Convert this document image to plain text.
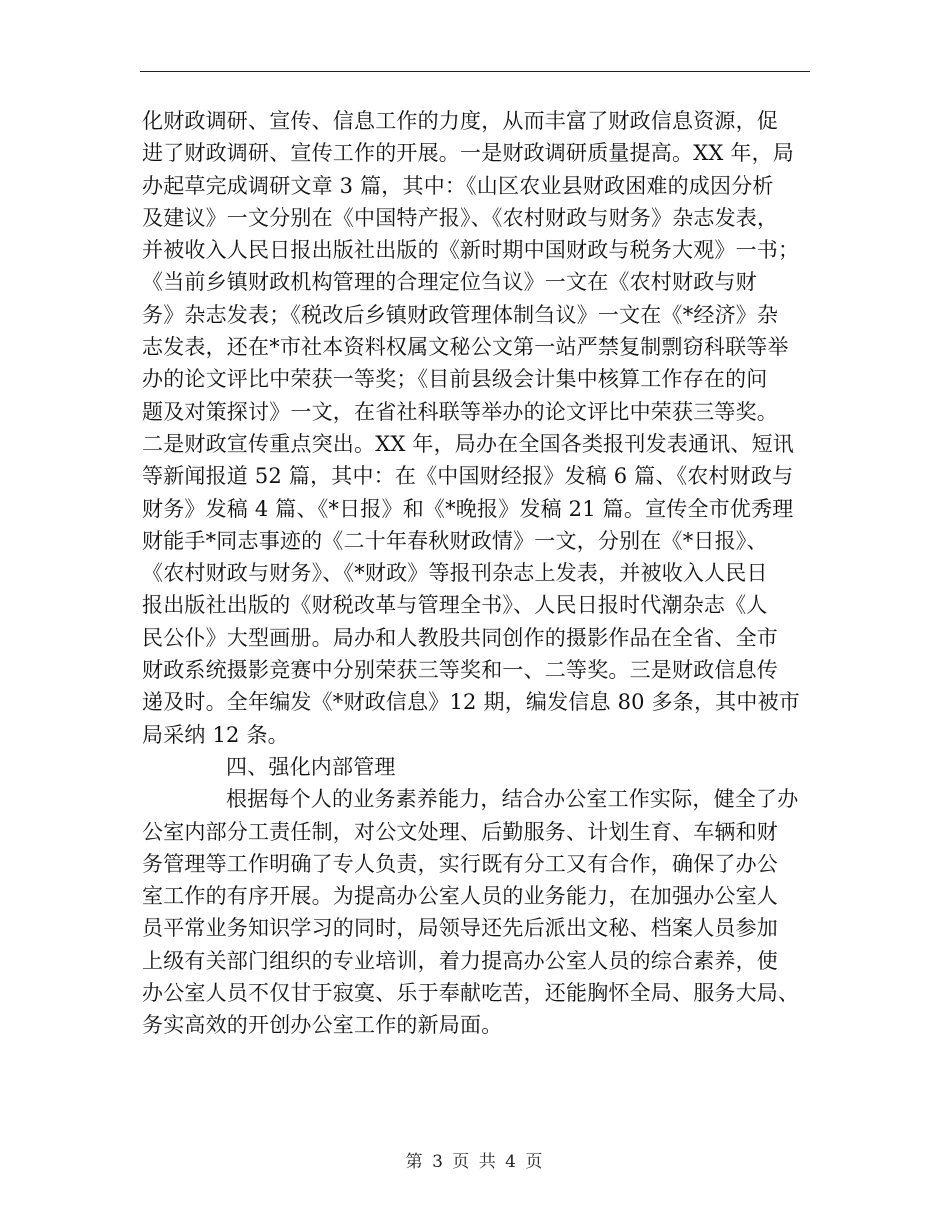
化财政调研、宣传、信息工作的力度，从而丰富了财政信息资源，促
进了财政调研、宣传工作的开展。一是财政调研质量提高。XX 年，局
办起草完成调研文章 3 篇，其中：《山区农业县财政困难的成因分析
及建议》一文分别在《中国特产报》、《农村财政与财务》杂志发表，
并被收入人民日报出版社出版的《新时期中国财政与税务大观》一书；
《当前乡镇财政机构管理的合理定位刍议》一文在《农村财政与财
务》杂志发表；《税改后乡镇财政管理体制刍议》一文在《*经济》杂
志发表，还在*市社本资料权属文秘公文第一站严禁复制剽窃科联等举
办的论文评比中荣获一等奖；《目前县级会计集中核算工作存在的问
题及对策探讨》一文，在省社科联等举办的论文评比中荣获三等奖。
二是财政宣传重点突出。XX 年，局办在全国各类报刊发表通讯、短讯
等新闻报道 52 篇，其中：在《中国财经报》发稿 6 篇、《农村财政与
财务》发稿 4 篇、《*日报》和《*晚报》发稿 21 篇。宣传全市优秀理
财能手*同志事迹的《二十年春秋财政情》一文，分别在《*日报》、
《农村财政与财务》、《*财政》等报刊杂志上发表，并被收入人民日
报出版社出版的《财税改革与管理全书》、人民日报时代潮杂志《人
民公仆》大型画册。局办和人教股共同创作的摄影作品在全省、全市
财政系统摄影竞赛中分别荣获三等奖和一、二等奖。三是财政信息传
递及时。全年编发《*财政信息》12 期，编发信息 80 多条，其中被市
局采纳 12 条。
四、强化内部管理
根据每个人的业务素养能力，结合办公室工作实际，健全了办
公室内部分工责任制，对公文处理、后勤服务、计划生育、车辆和财
务管理等工作明确了专人负责，实行既有分工又有合作，确保了办公
室工作的有序开展。为提高办公室人员的业务能力，在加强办公室人
员平常业务知识学习的同时，局领导还先后派出文秘、档案人员参加
上级有关部门组织的专业培训，着力提高办公室人员的综合素养，使
办公室人员不仅甘于寂寞、乐于奉献吃苦，还能胸怀全局、服务大局、
务实高效的开创办公室工作的新局面。
第 3 页 共 4 页
